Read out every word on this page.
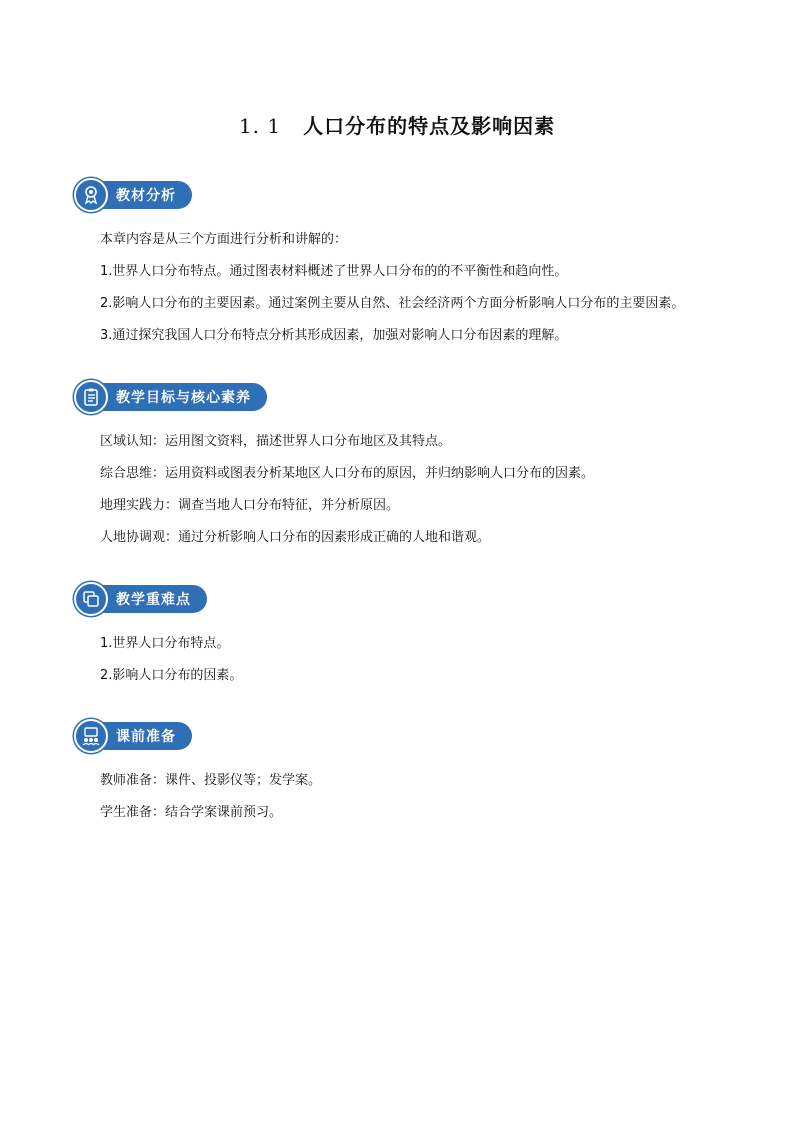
1. 1 人口分布的特点及影响因素
教材分析
本章内容是从三个方面进行分析和讲解的：
1.世界人口分布特点。通过图表材料概述了世界人口分布的的不平衡性和趋向性。
2.影响人口分布的主要因素。通过案例主要从自然、社会经济两个方面分析影响人口分布的主要因素。
3.通过探究我国人口分布特点分析其形成因素，加强对影响人口分布因素的理解。
教学目标与核心素养
区域认知：运用图文资料，描述世界人口分布地区及其特点。
综合思维：运用资料或图表分析某地区人口分布的原因，并归纳影响人口分布的因素。
地理实践力：调查当地人口分布特征，并分析原因。
人地协调观：通过分析影响人口分布的因素形成正确的人地和谐观。
教学重难点
1.世界人口分布特点。
2.影响人口分布的因素。
课前准备
教师准备：课件、投影仪等；发学案。
学生准备：结合学案课前预习。
